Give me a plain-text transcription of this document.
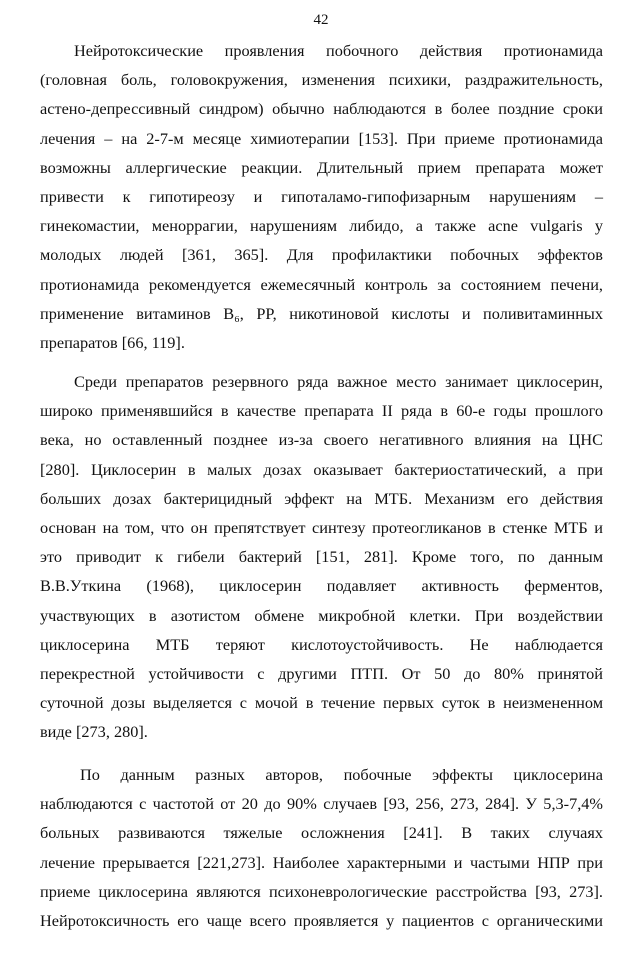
42
Нейротоксические проявления побочного действия протионамида
(головная боль, головокружения, изменения психики, раздражительность,
астено-депрессивный синдром) обычно наблюдаются в более поздние сроки
лечения – на 2-7-м месяце химиотерапии [153]. При приеме протионамида
возможны аллергические реакции. Длительный прием препарата может
привести к гипотиреозу и гипоталамо-гипофизарным нарушениям –
гинекомастии, меноррагии, нарушениям либидо, а также acne vulgaris у
молодых людей [361, 365]. Для профилактики побочных эффектов
протионамида рекомендуется ежемесячный контроль за состоянием печени,
применение витаминов B₆, PP, никотиновой кислоты и поливитаминных
препаратов [66, 119].
Среди препаратов резервного ряда важное место занимает циклосерин,
широко применявшийся в качестве препарата II ряда в 60-е годы прошлого
века, но оставленный позднее из-за своего негативного влияния на ЦНС
[280]. Циклосерин в малых дозах оказывает бактериостатический, а при
больших дозах бактерицидный эффект на МТБ. Механизм его действия
основан на том, что он препятствует синтезу протеогликанов в стенке МТБ и
это приводит к гибели бактерий [151, 281]. Кроме того, по данным
В.В.Уткина (1968), циклосерин подавляет активность ферментов,
участвующих в азотистом обмене микробной клетки. При воздействии
циклосерина МТБ теряют кислотоустойчивость. Не наблюдается
перекрестной устойчивости с другими ПТП. От 50 до 80% принятой
суточной дозы выделяется с мочой в течение первых суток в неизмененном
виде [273, 280].
По данным разных авторов, побочные эффекты циклосерина
наблюдаются с частотой от 20 до 90% случаев [93, 256, 273, 284]. У 5,3-7,4%
больных развиваются тяжелые осложнения [241]. В таких случаях
лечение прерывается [221,273]. Наиболее характерными и частыми НПР при
приеме циклосерина являются психоневрологические расстройства [93, 273].
Нейротоксичность его чаще всего проявляется у пациентов с органическими
